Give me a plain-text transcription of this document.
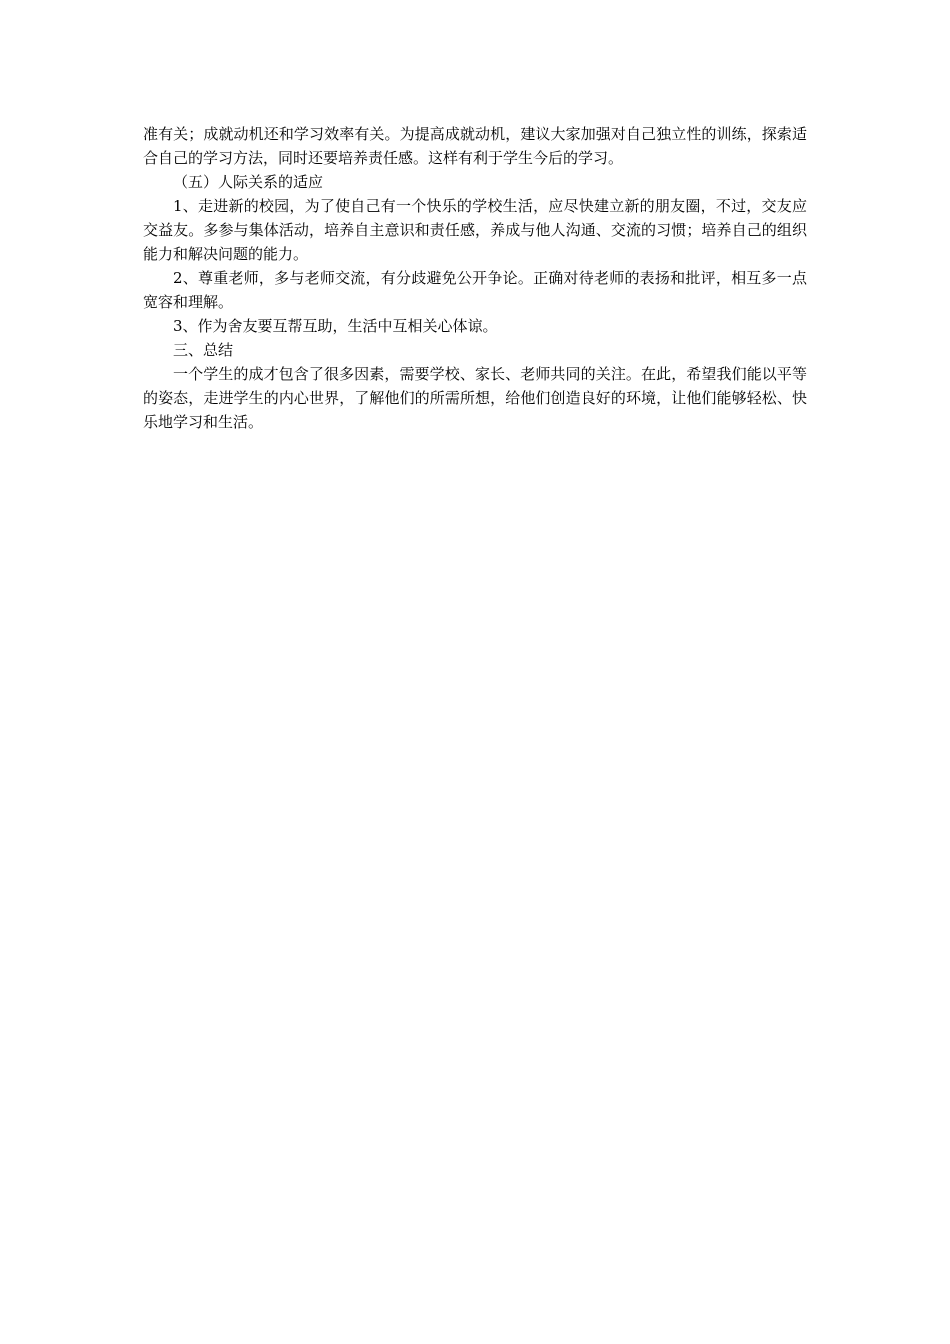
准有关；成就动机还和学习效率有关。为提高成就动机，建议大家加强对自己独立性的训练，探索适合自己的学习方法，同时还要培养责任感。这样有利于学生今后的学习。

（五）人际关系的适应

1、走进新的校园，为了使自己有一个快乐的学校生活，应尽快建立新的朋友圈，不过，交友应交益友。多参与集体活动，培养自主意识和责任感，养成与他人沟通、交流的习惯；培养自己的组织能力和解决问题的能力。

2、尊重老师，多与老师交流，有分歧避免公开争论。正确对待老师的表扬和批评，相互多一点宽容和理解。

3、作为舍友要互帮互助，生活中互相关心体谅。

三、总结

一个学生的成才包含了很多因素，需要学校、家长、老师共同的关注。在此，希望我们能以平等的姿态，走进学生的内心世界，了解他们的所需所想，给他们创造良好的环境，让他们能够轻松、快乐地学习和生活。
